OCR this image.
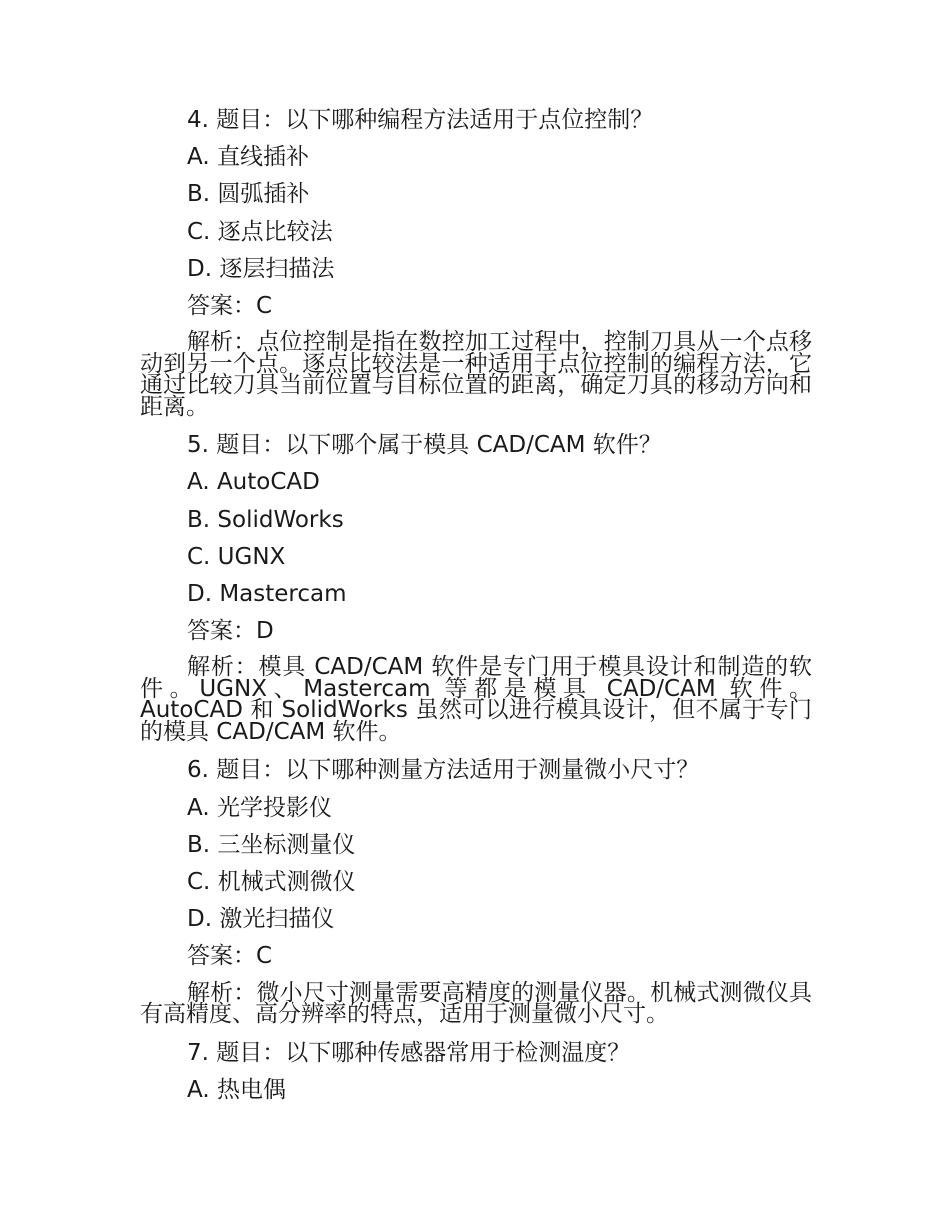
4. 题目：以下哪种编程方法适用于点位控制？
A. 直线插补
B. 圆弧插补
C. 逐点比较法
D. 逐层扫描法
答案：C
解析：点位控制是指在数控加工过程中，控制刀具从一个点移动到另一个点。逐点比较法是一种适用于点位控制的编程方法，它通过比较刀具当前位置与目标位置的距离，确定刀具的移动方向和距离。
5. 题目：以下哪个属于模具 CAD/CAM 软件？
A. AutoCAD
B. SolidWorks
C. UGNX
D. Mastercam
答案：D
解析：模具 CAD/CAM 软件是专门用于模具设计和制造的软件。UGNX、Mastercam 等都是模具 CAD/CAM 软件。AutoCAD 和 SolidWorks 虽然可以进行模具设计，但不属于专门的模具 CAD/CAM 软件。
6. 题目：以下哪种测量方法适用于测量微小尺寸？
A. 光学投影仪
B. 三坐标测量仪
C. 机械式测微仪
D. 激光扫描仪
答案：C
解析：微小尺寸测量需要高精度的测量仪器。机械式测微仪具有高精度、高分辨率的特点，适用于测量微小尺寸。
7. 题目：以下哪种传感器常用于检测温度？
A. 热电偶
